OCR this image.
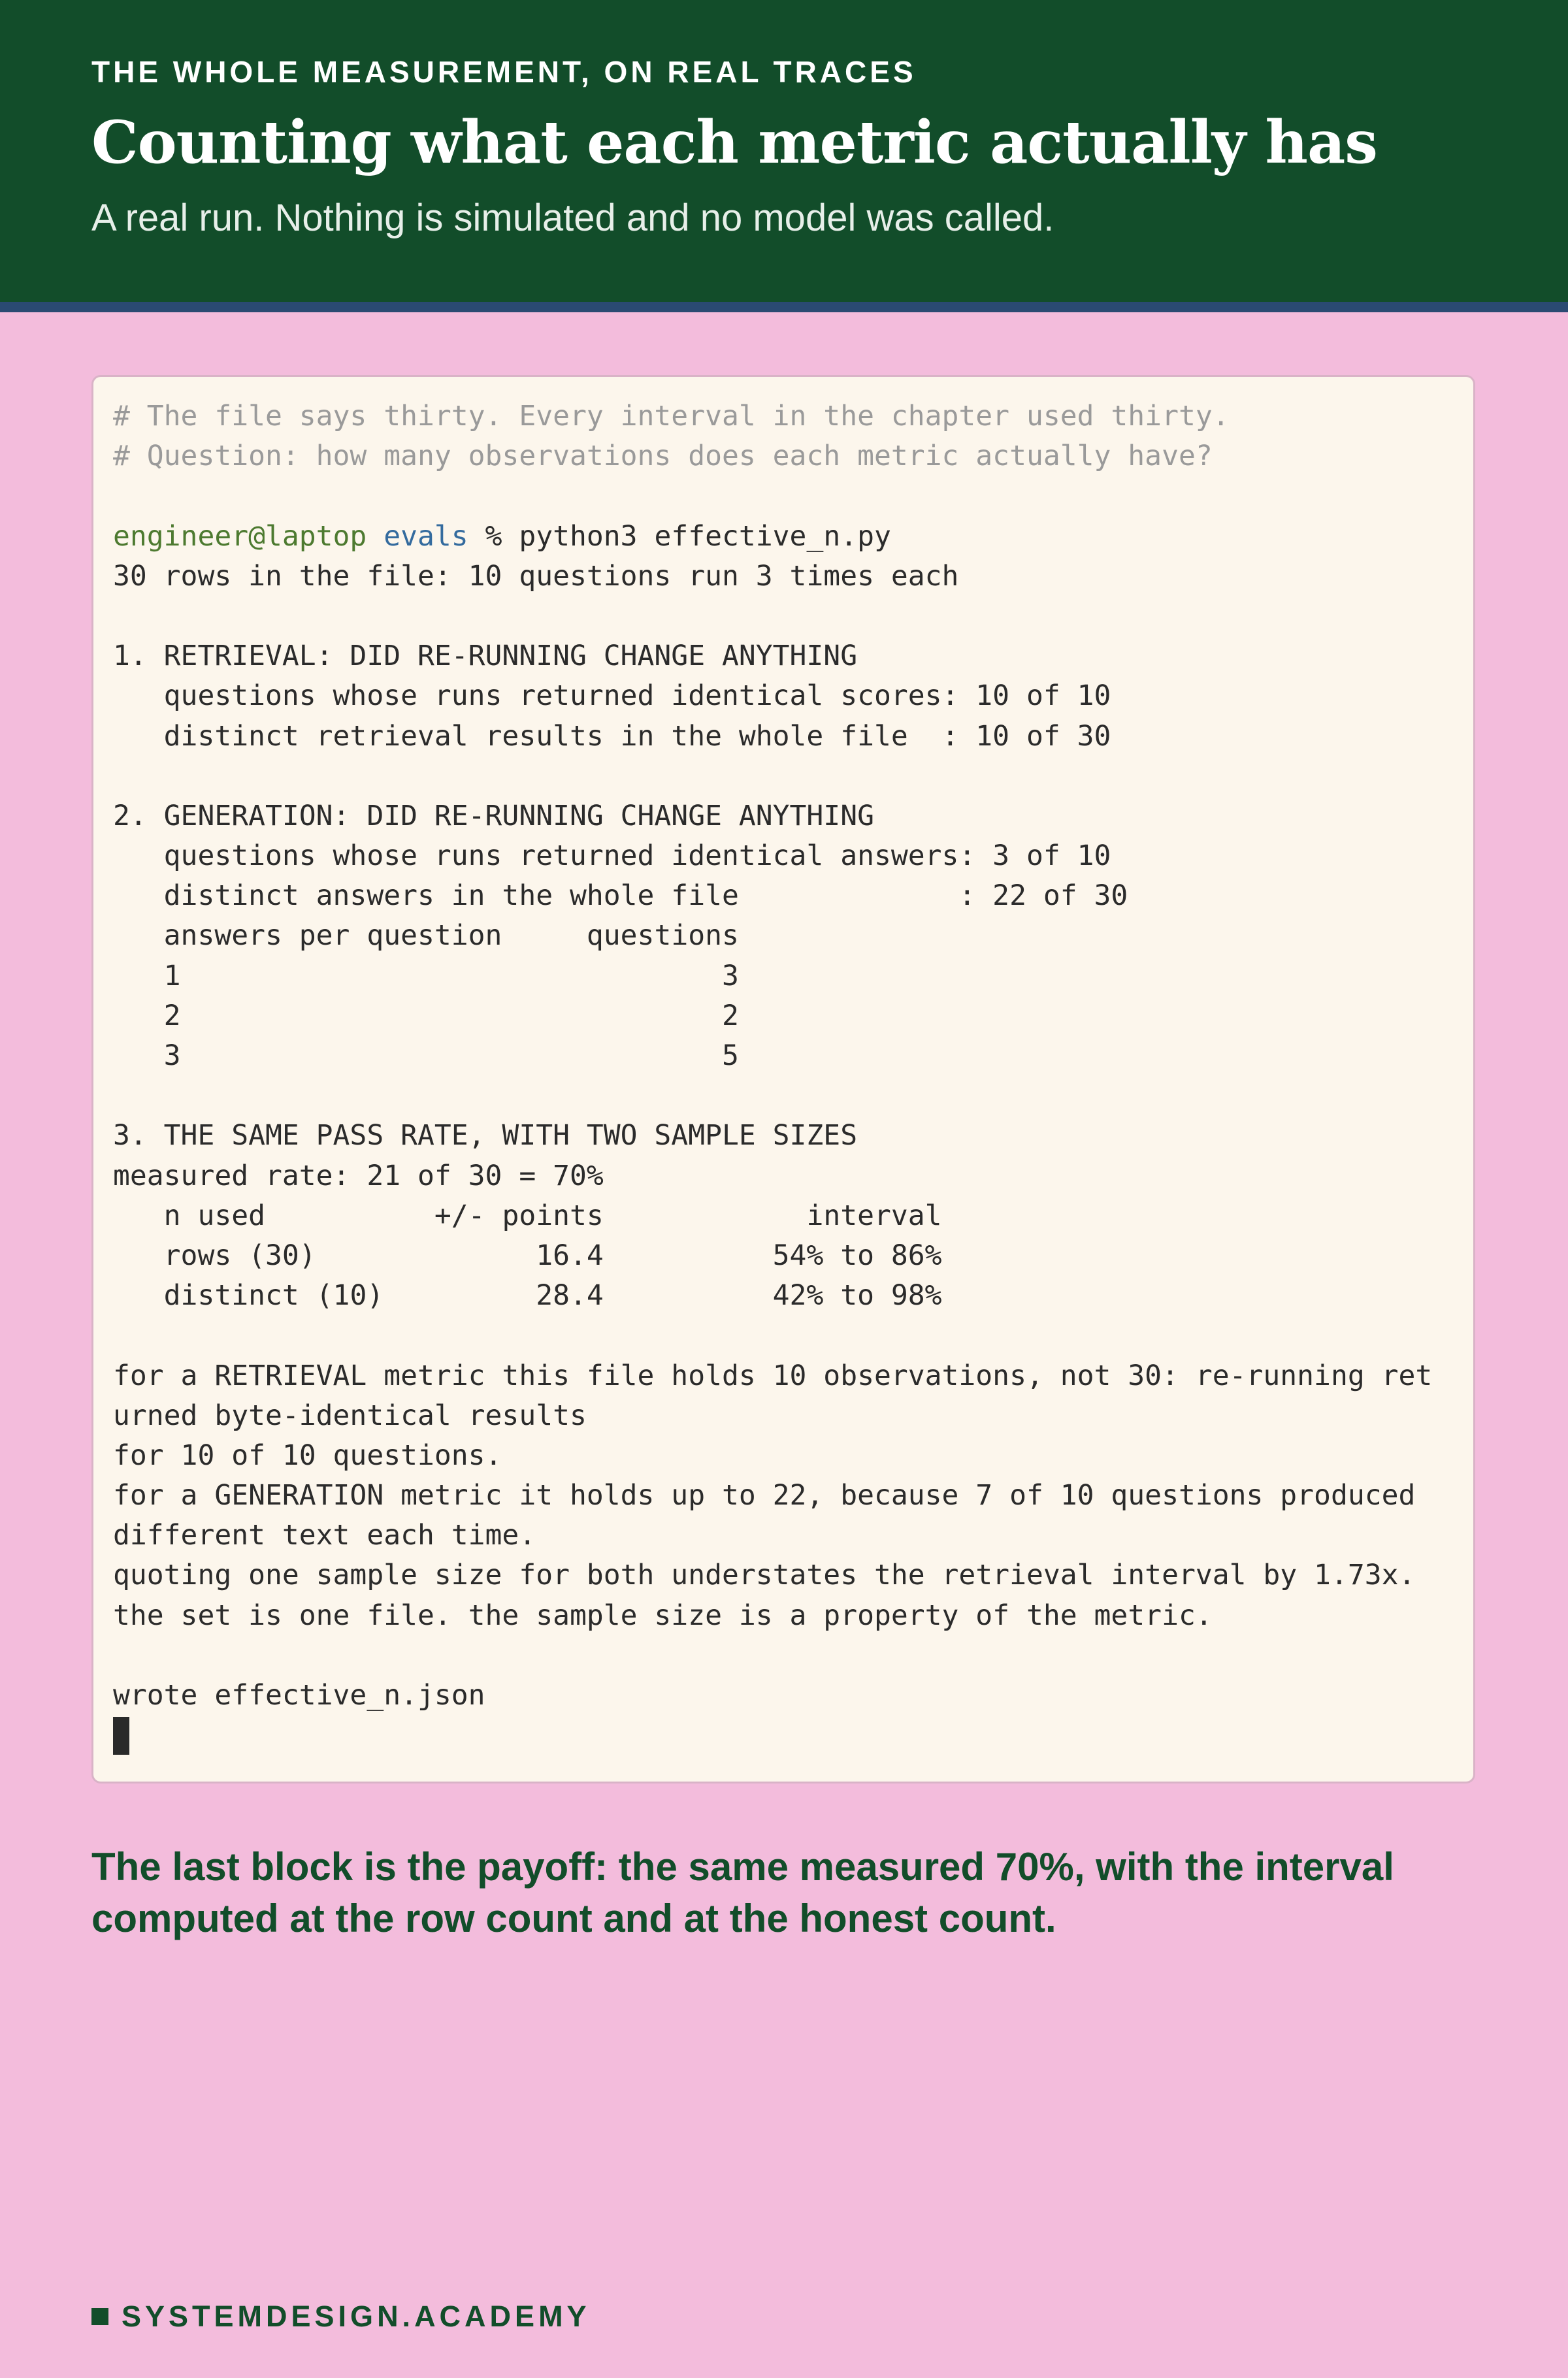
THE WHOLE MEASUREMENT, ON REAL TRACES
Counting what each metric actually has
A real run. Nothing is simulated and no model was called.
# The file says thirty. Every interval in the chapter used thirty.
# Question: how many observations does each metric actually have?
engineer@laptop evals % python3 effective_n.py
30 rows in the file: 10 questions run 3 times each
1. RETRIEVAL: DID RE-RUNNING CHANGE ANYTHING
questions whose runs returned identical scores: 10 of 10
distinct retrieval results in the whole file  : 10 of 30
2. GENERATION: DID RE-RUNNING CHANGE ANYTHING
questions whose runs returned identical answers: 3 of 10
distinct answers in the whole file             : 22 of 30
answers per question     questions
1                                3
2                                2
3                                5
3. THE SAME PASS RATE, WITH TWO SAMPLE SIZES
measured rate: 21 of 30 = 70%
n used          +/- points            interval
rows (30)             16.4          54% to 86%
distinct (10)         28.4          42% to 98%
for a RETRIEVAL metric this file holds 10 observations, not 30: re-running ret
urned byte-identical results
for 10 of 10 questions.
for a GENERATION metric it holds up to 22, because 7 of 10 questions produced
different text each time.
quoting one sample size for both understates the retrieval interval by 1.73x.
the set is one file. the sample size is a property of the metric.
wrote effective_n.json
The last block is the payoff: the same measured 70%, with the interval computed at the row count and at the honest count.
SYSTEMDESIGN.ACADEMY
